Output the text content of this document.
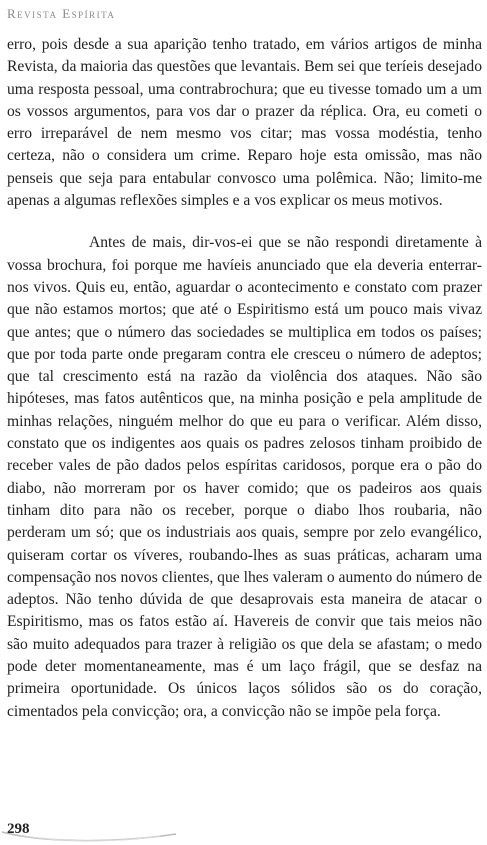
Revista Espírita

erro, pois desde a sua aparição tenho tratado, em vários artigos de minha Revista, da maioria das questões que levantais. Bem sei que teríeis desejado uma resposta pessoal, uma contrabrochura; que eu tivesse tomado um a um os vossos argumentos, para vos dar o prazer da réplica. Ora, eu cometi o erro irreparável de nem mesmo vos citar; mas vossa modéstia, tenho certeza, não o considera um crime. Reparo hoje esta omissão, mas não penseis que seja para entabular convosco uma polêmica. Não; limito-me apenas a algumas reflexões simples e a vos explicar os meus motivos.

Antes de mais, dir-vos-ei que se não respondi diretamente à vossa brochura, foi porque me havíeis anunciado que ela deveria enterrar-nos vivos. Quis eu, então, aguardar o acontecimento e constato com prazer que não estamos mortos; que até o Espiritismo está um pouco mais vivaz que antes; que o número das sociedades se multiplica em todos os países; que por toda parte onde pregaram contra ele cresceu o número de adeptos; que tal crescimento está na razão da violência dos ataques. Não são hipóteses, mas fatos autênticos que, na minha posição e pela amplitude de minhas relações, ninguém melhor do que eu para o verificar. Além disso, constato que os indigentes aos quais os padres zelosos tinham proibido de receber vales de pão dados pelos espíritas caridosos, porque era o pão do diabo, não morreram por os haver comido; que os padeiros aos quais tinham dito para não os receber, porque o diabo lhos roubaria, não perderam um só; que os industriais aos quais, sempre por zelo evangélico, quiseram cortar os víveres, roubando-lhes as suas práticas, acharam uma compensação nos novos clientes, que lhes valeram o aumento do número de adeptos. Não tenho dúvida de que desaprovais esta maneira de atacar o Espiritismo, mas os fatos estão aí. Havereis de convir que tais meios não são muito adequados para trazer à religião os que dela se afastam; o medo pode deter momentaneamente, mas é um laço frágil, que se desfaz na primeira oportunidade. Os únicos laços sólidos são os do coração, cimentados pela convicção; ora, a convicção não se impõe pela força.

298
